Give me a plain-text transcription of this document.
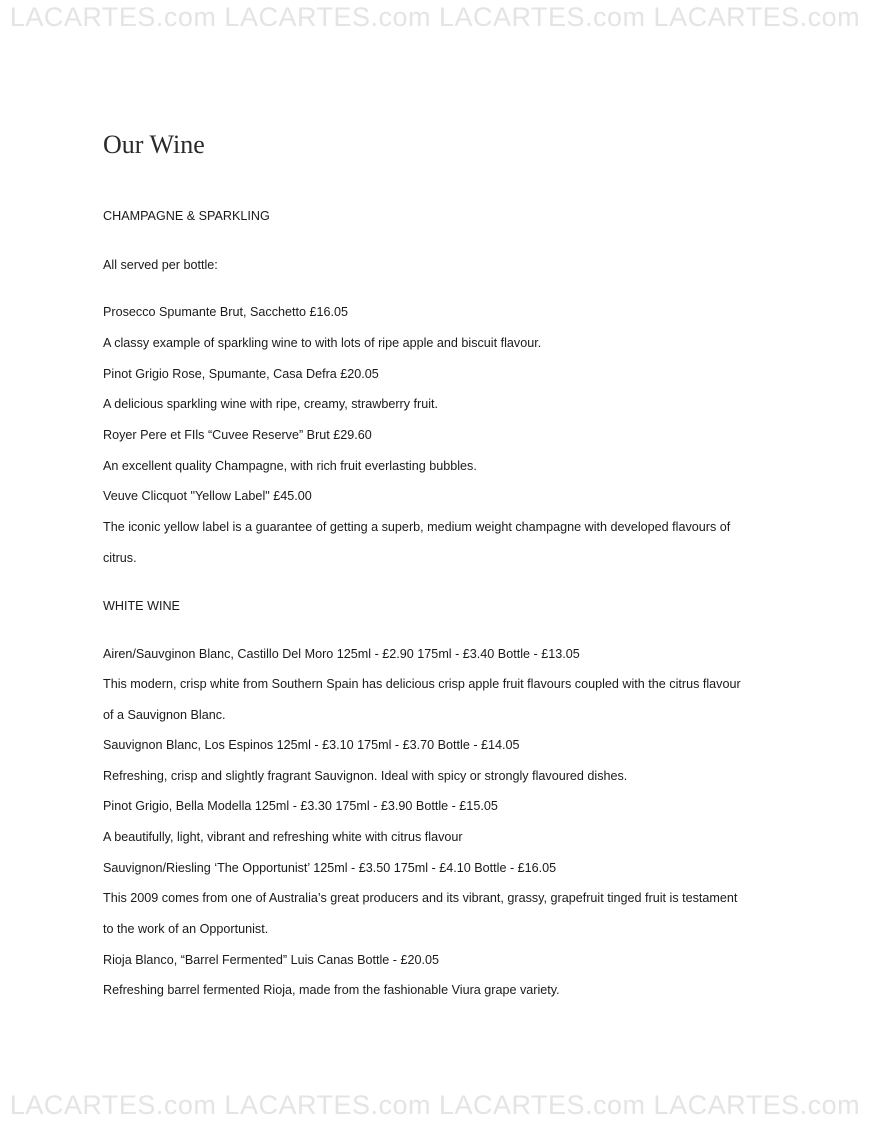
LACARTES.com LACARTES.com LACARTES.com LACARTES.com
Our Wine
CHAMPAGNE & SPARKLING
All served per bottle:
Prosecco Spumante Brut, Sacchetto £16.05
A classy example of sparkling wine to with lots of ripe apple and biscuit flavour.
Pinot Grigio Rose, Spumante, Casa Defra £20.05
A delicious sparkling wine with ripe, creamy, strawberry fruit.
Royer Pere et FIls “Cuvee Reserve” Brut £29.60
An excellent quality Champagne, with rich fruit everlasting bubbles.
Veuve Clicquot "Yellow Label" £45.00
The iconic yellow label is a guarantee of getting a superb, medium weight champagne with developed flavours of
citrus.
WHITE WINE
Airen/Sauvginon Blanc, Castillo Del Moro 125ml - £2.90 175ml - £3.40 Bottle - £13.05
This modern, crisp white from Southern Spain has delicious crisp apple fruit flavours coupled with the citrus flavour
of a Sauvignon Blanc.
Sauvignon Blanc, Los Espinos 125ml - £3.10 175ml - £3.70 Bottle - £14.05
Refreshing, crisp and slightly fragrant Sauvignon. Ideal with spicy or strongly flavoured dishes.
Pinot Grigio, Bella Modella 125ml - £3.30 175ml - £3.90 Bottle - £15.05
A beautifully, light, vibrant and refreshing white with citrus flavour
Sauvignon/Riesling ‘The Opportunist’ 125ml - £3.50 175ml - £4.10 Bottle - £16.05
This 2009 comes from one of Australia’s great producers and its vibrant, grassy, grapefruit tinged fruit is testament
to the work of an Opportunist.
Rioja Blanco, “Barrel Fermented” Luis Canas Bottle - £20.05
Refreshing barrel fermented Rioja, made from the fashionable Viura grape variety.
LACARTES.com LACARTES.com LACARTES.com LACARTES.com
